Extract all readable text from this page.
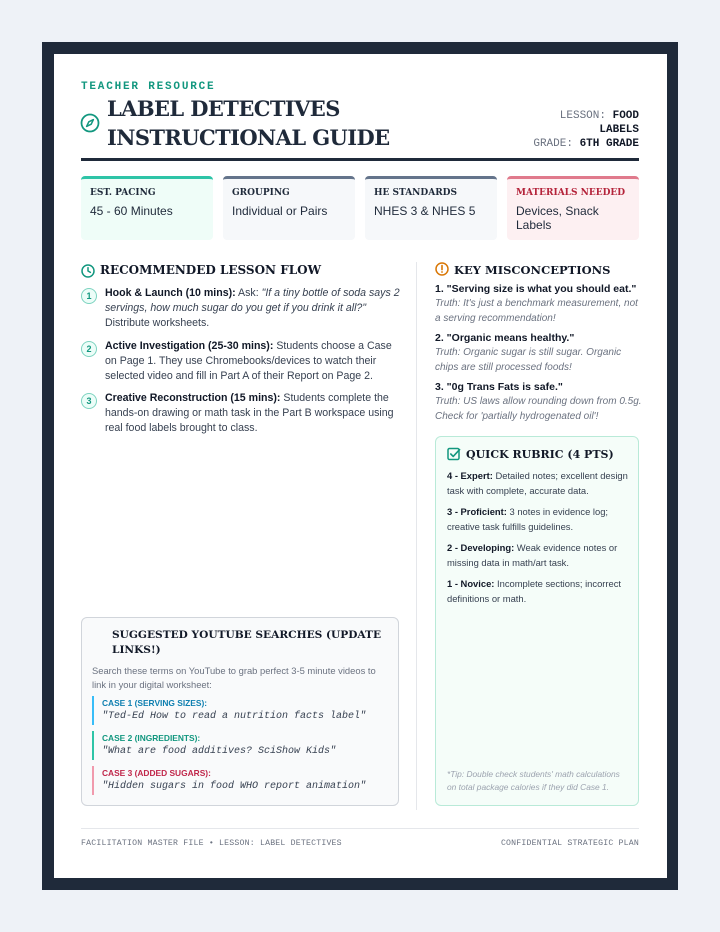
TEACHER RESOURCE
LABEL DETECTIVES INSTRUCTIONAL GUIDE
LESSON: FOOD
LABELS
GRADE: 6TH GRADE
EST. PACING
45 - 60 Minutes
GROUPING
Individual or Pairs
HE STANDARDS
NHES 3 & NHES 5
MATERIALS NEEDED
Devices, Snack Labels
RECOMMENDED LESSON FLOW
1	Hook & Launch (10 mins): Ask: "If a tiny bottle of soda says 2 servings, how much sugar do you get if you drink it all?" Distribute worksheets.
2	Active Investigation (25-30 mins): Students choose a Case on Page 1. They use Chromebooks/devices to watch their selected video and fill in Part A of their Report on Page 2.
3	Creative Reconstruction (15 mins): Students complete the hands-on drawing or math task in the Part B workspace using real food labels brought to class.
KEY MISCONCEPTIONS
1. "Serving size is what you should eat."
Truth: It's just a benchmark measurement, not a serving recommendation!
2. "Organic means healthy."
Truth: Organic sugar is still sugar. Organic chips are still processed foods!
3. "0g Trans Fats is safe."
Truth: US laws allow rounding down from 0.5g. Check for 'partially hydrogenated oil'!
QUICK RUBRIC (4 PTS)
4 - Expert: Detailed notes; excellent design task with complete, accurate data.
3 - Proficient: 3 notes in evidence log; creative task fulfills guidelines.
2 - Developing: Weak evidence notes or missing data in math/art task.
1 - Novice: Incomplete sections; incorrect definitions or math.
*Tip: Double check students' math calculations on total package calories if they did Case 1.
SUGGESTED YOUTUBE SEARCHES (UPDATE LINKS!)
Search these terms on YouTube to grab perfect 3-5 minute videos to link in your digital worksheet:
CASE 1 (SERVING SIZES):
"Ted-Ed How to read a nutrition facts label"
CASE 2 (INGREDIENTS):
"What are food additives? SciShow Kids"
CASE 3 (ADDED SUGARS):
"Hidden sugars in food WHO report animation"
FACILITATION MASTER FILE • LESSON: LABEL DETECTIVES	CONFIDENTIAL STRATEGIC PLAN
